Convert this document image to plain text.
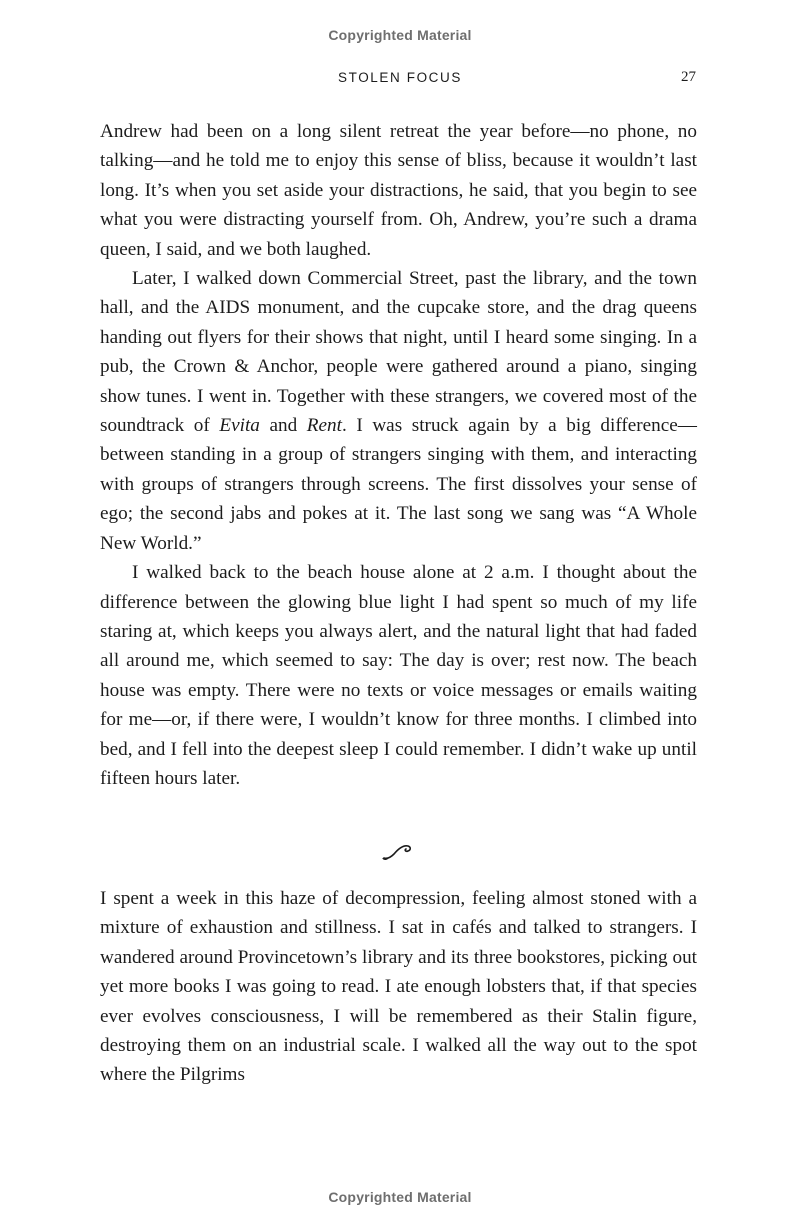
Copyrighted Material
STOLEN FOCUS	27

Andrew had been on a long silent retreat the year before—no phone, no talking—and he told me to enjoy this sense of bliss, because it wouldn’t last long. It’s when you set aside your distractions, he said, that you begin to see what you were distracting yourself from. Oh, Andrew, you’re such a drama queen, I said, and we both laughed.

Later, I walked down Commercial Street, past the library, and the town hall, and the AIDS monument, and the cupcake store, and the drag queens handing out flyers for their shows that night, until I heard some singing. In a pub, the Crown & Anchor, people were gathered around a piano, singing show tunes. I went in. Together with these strangers, we covered most of the soundtrack of Evita and Rent. I was struck again by a big difference—between standing in a group of strangers singing with them, and interacting with groups of strangers through screens. The first dissolves your sense of ego; the second jabs and pokes at it. The last song we sang was “A Whole New World.”

I walked back to the beach house alone at 2 a.m. I thought about the difference between the glowing blue light I had spent so much of my life staring at, which keeps you always alert, and the natural light that had faded all around me, which seemed to say: The day is over; rest now. The beach house was empty. There were no texts or voice messages or emails waiting for me—or, if there were, I wouldn’t know for three months. I climbed into bed, and I fell into the deepest sleep I could remember. I didn’t wake up until fifteen hours later.

I spent a week in this haze of decompression, feeling almost stoned with a mixture of exhaustion and stillness. I sat in cafés and talked to strangers. I wandered around Provincetown’s library and its three bookstores, picking out yet more books I was going to read. I ate enough lobsters that, if that species ever evolves consciousness, I will be remembered as their Stalin figure, destroying them on an industrial scale. I walked all the way out to the spot where the Pilgrims

Copyrighted Material
